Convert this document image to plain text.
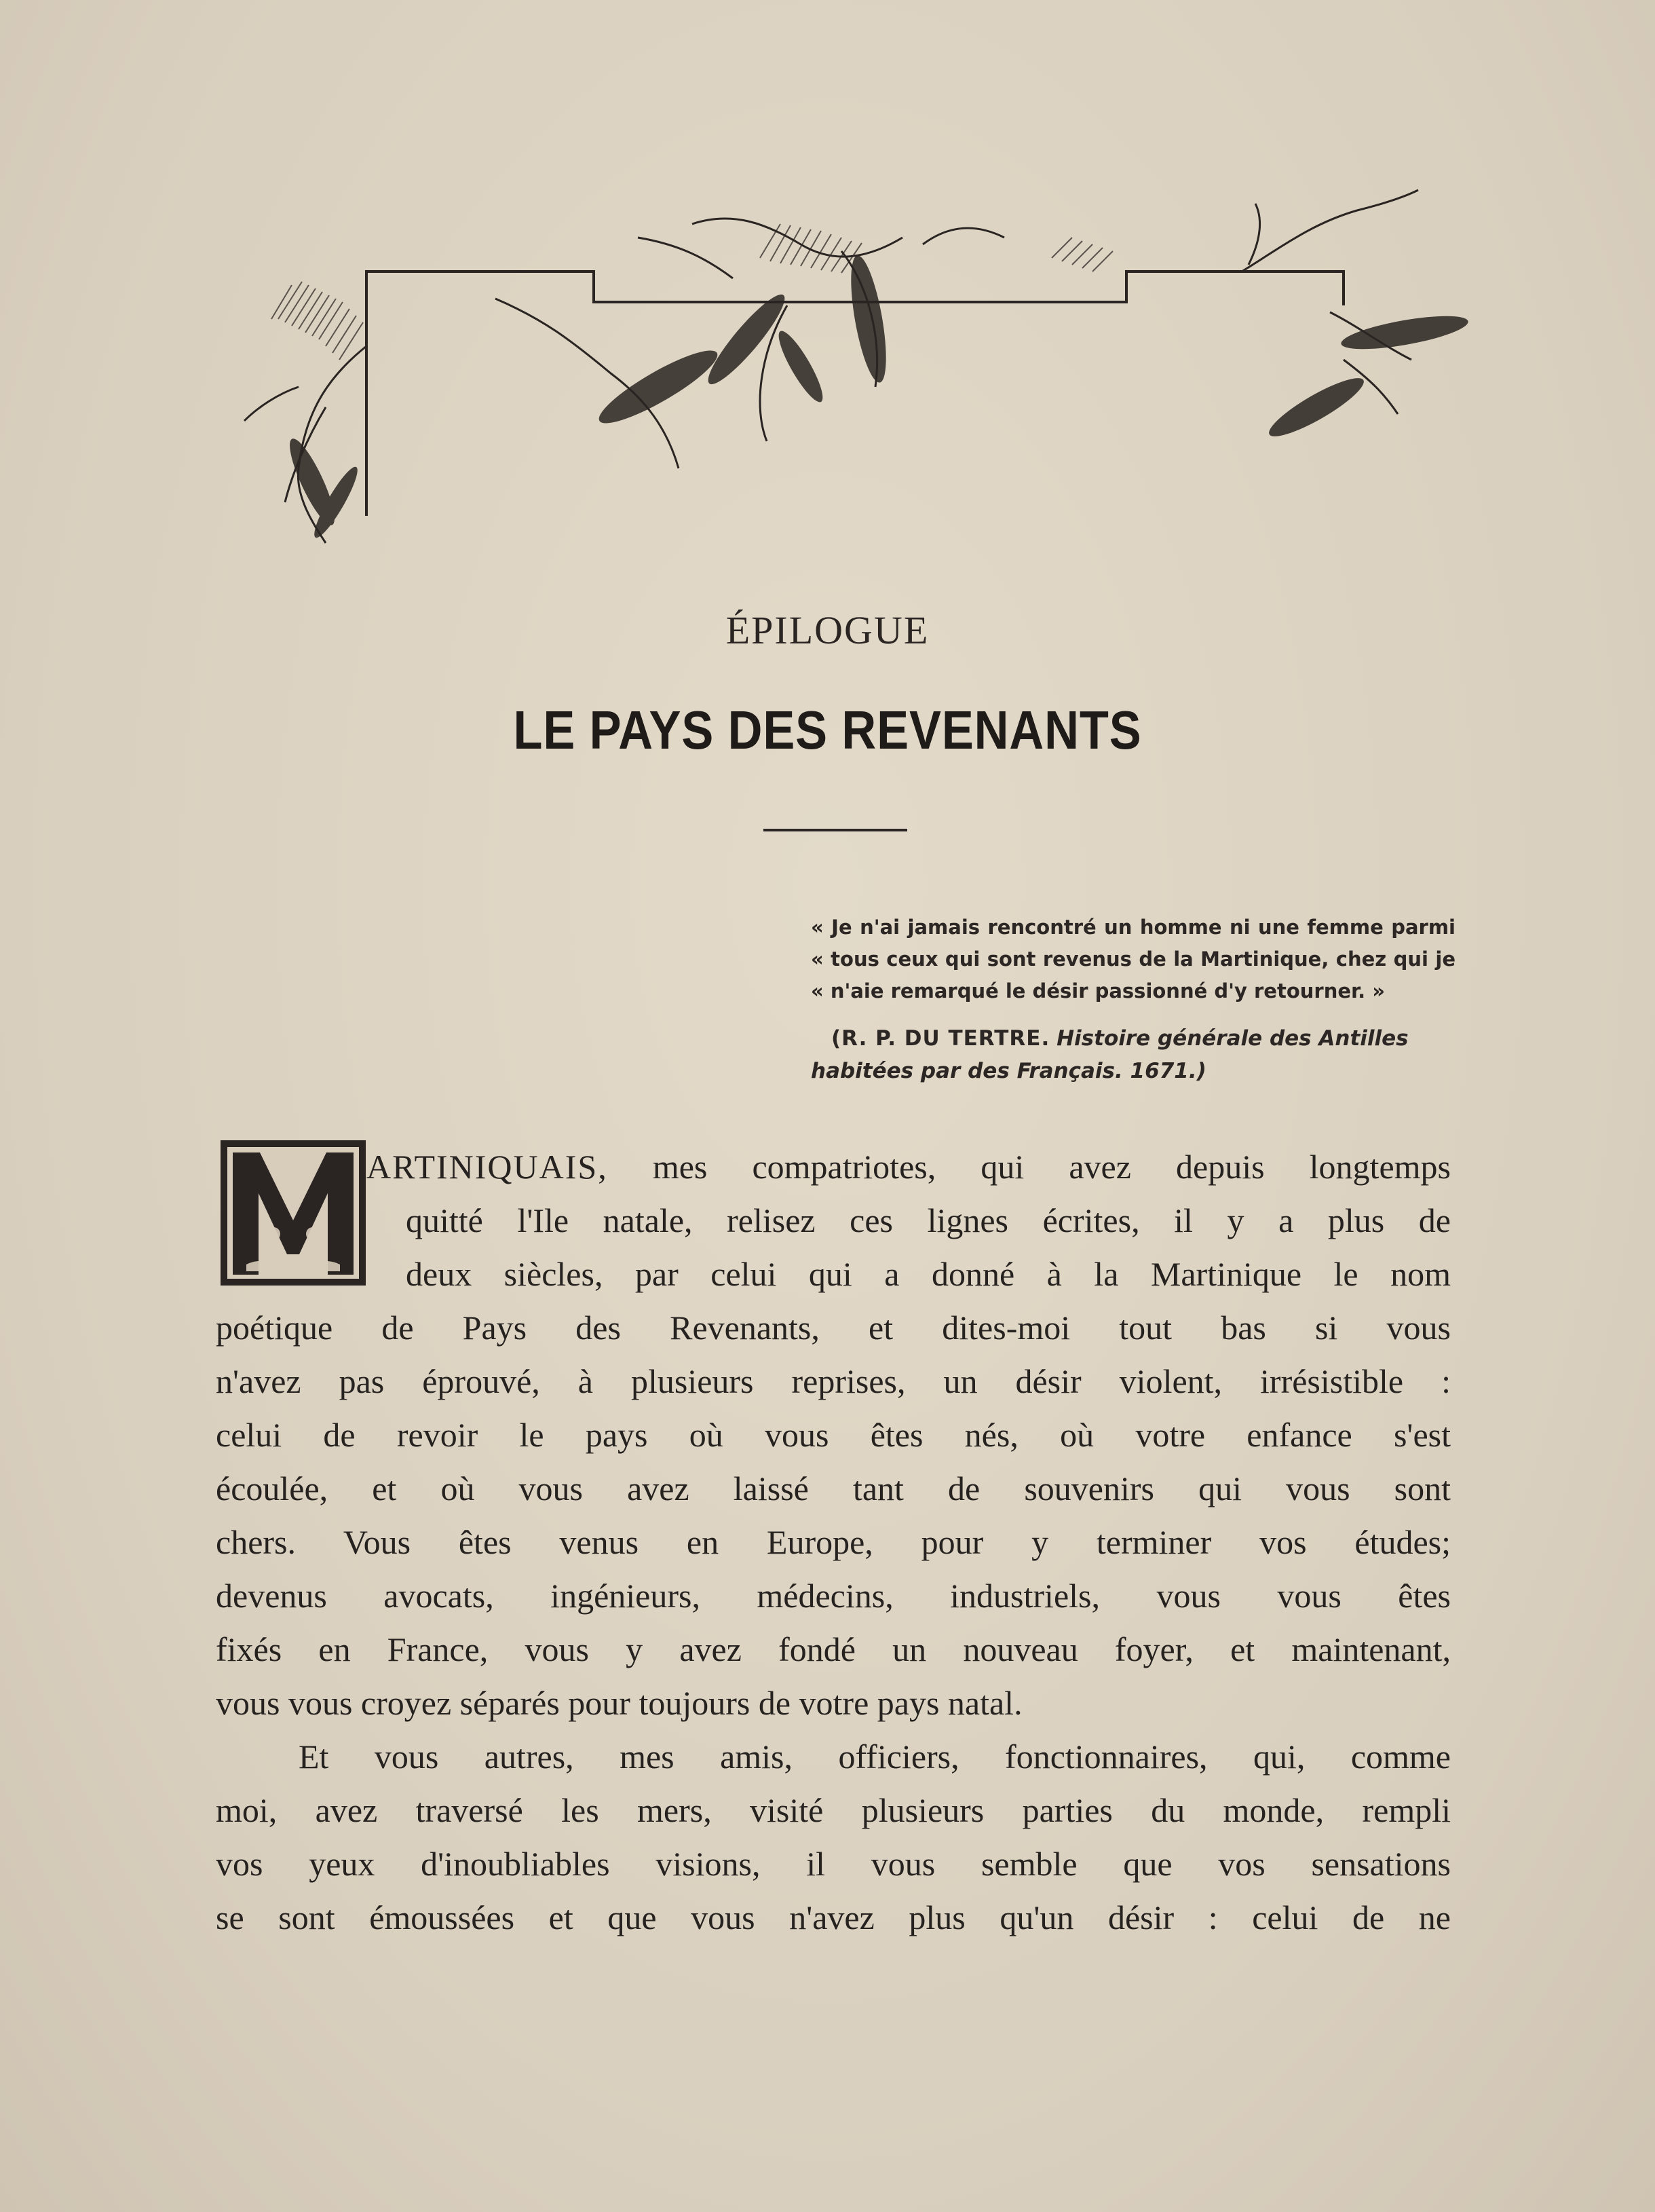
ÉPILOGUE
LE PAYS DES REVENANTS
« Je n'ai jamais rencontré un homme ni une femme parmi
« tous ceux qui sont revenus de la Martinique, chez qui je
« n'aie remarqué le désir passionné d'y retourner. »
(R. P. DU TERTRE. Histoire générale des Antilles
habitées par des Français. 1671.)
ARTINIQUAIS, mes compatriotes, qui avez depuis longtemps
quitté l'Ile natale, relisez ces lignes écrites, il y a plus de
deux siècles, par celui qui a donné à la Martinique le nom
poétique de Pays des Revenants, et dites-moi tout bas si vous
n'avez pas éprouvé, à plusieurs reprises, un désir violent, irrésistible :
celui de revoir le pays où vous êtes nés, où votre enfance s'est
écoulée, et où vous avez laissé tant de souvenirs qui vous sont
chers. Vous êtes venus en Europe, pour y terminer vos études;
devenus avocats, ingénieurs, médecins, industriels, vous vous êtes
fixés en France, vous y avez fondé un nouveau foyer, et maintenant,
vous vous croyez séparés pour toujours de votre pays natal.
Et vous autres, mes amis, officiers, fonctionnaires, qui, comme
moi, avez traversé les mers, visité plusieurs parties du monde, rempli
vos yeux d'inoubliables visions, il vous semble que vos sensations
se sont émoussées et que vous n'avez plus qu'un désir : celui de ne
